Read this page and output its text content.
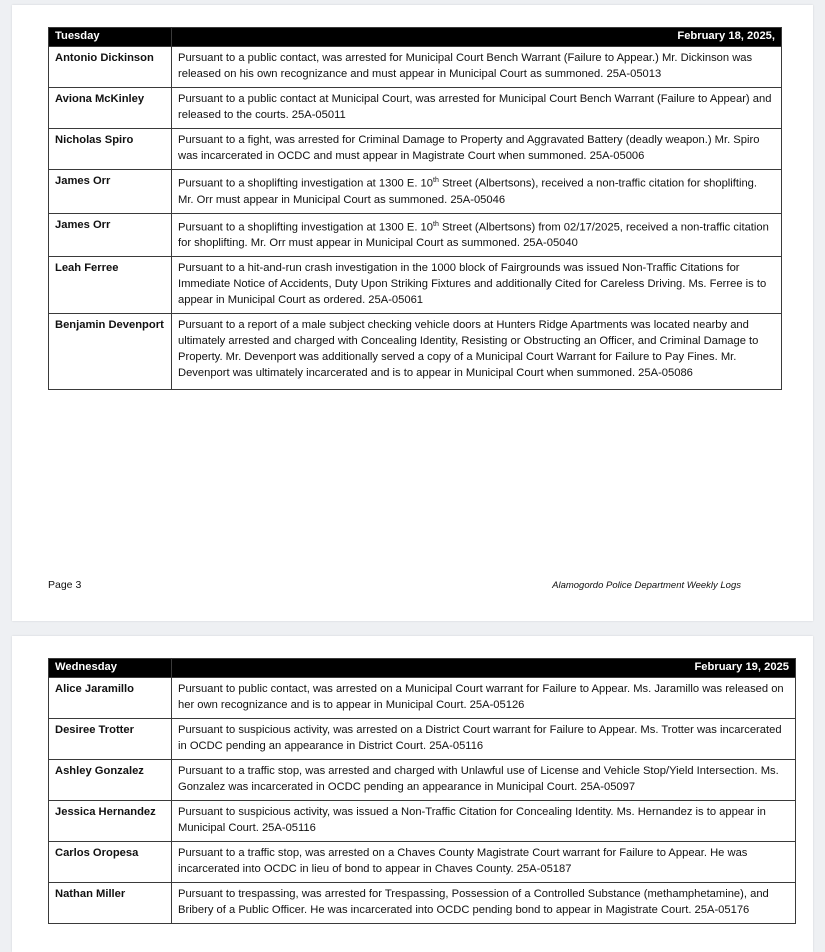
Tuesday	February 18, 2025,
Antonio Dickinson	Pursuant to a public contact, was arrested for Municipal Court Bench Warrant (Failure to Appear.) Mr. Dickinson was released on his own recognizance and must appear in Municipal Court as summoned. 25A-05013
Aviona McKinley	Pursuant to a public contact at Municipal Court, was arrested for Municipal Court Bench Warrant (Failure to Appear) and released to the courts. 25A-05011
Nicholas Spiro	Pursuant to a fight, was arrested for Criminal Damage to Property and Aggravated Battery (deadly weapon.) Mr. Spiro was incarcerated in OCDC and must appear in Magistrate Court when summoned. 25A-05006
James Orr	Pursuant to a shoplifting investigation at 1300 E. 10th Street (Albertsons), received a non-traffic citation for shoplifting. Mr. Orr must appear in Municipal Court as summoned. 25A-05046
James Orr	Pursuant to a shoplifting investigation at 1300 E. 10th Street (Albertsons) from 02/17/2025, received a non-traffic citation for shoplifting. Mr. Orr must appear in Municipal Court as summoned. 25A-05040
Leah Ferree	Pursuant to a hit-and-run crash investigation in the 1000 block of Fairgrounds was issued Non-Traffic Citations for Immediate Notice of Accidents, Duty Upon Striking Fixtures and additionally Cited for Careless Driving. Ms. Ferree is to appear in Municipal Court as ordered. 25A-05061
Benjamin Devenport	Pursuant to a report of a male subject checking vehicle doors at Hunters Ridge Apartments was located nearby and ultimately arrested and charged with Concealing Identity, Resisting or Obstructing an Officer, and Criminal Damage to Property. Mr. Devenport was additionally served a copy of a Municipal Court Warrant for Failure to Pay Fines. Mr. Devenport was ultimately incarcerated and is to appear in Municipal Court when summoned. 25A-05086
Page 3	Alamogordo Police Department Weekly Logs
Wednesday	February 19, 2025
Alice Jaramillo	Pursuant to public contact, was arrested on a Municipal Court warrant for Failure to Appear. Ms. Jaramillo was released on her own recognizance and is to appear in Municipal Court. 25A-05126
Desiree Trotter	Pursuant to suspicious activity, was arrested on a District Court warrant for Failure to Appear. Ms. Trotter was incarcerated in OCDC pending an appearance in District Court. 25A-05116
Ashley Gonzalez	Pursuant to a traffic stop, was arrested and charged with Unlawful use of License and Vehicle Stop/Yield Intersection. Ms. Gonzalez was incarcerated in OCDC pending an appearance in Municipal Court. 25A-05097
Jessica Hernandez	Pursuant to suspicious activity, was issued a Non-Traffic Citation for Concealing Identity. Ms. Hernandez is to appear in Municipal Court. 25A-05116
Carlos Oropesa	Pursuant to a traffic stop, was arrested on a Chaves County Magistrate Court warrant for Failure to Appear. He was incarcerated into OCDC in lieu of bond to appear in Chaves County. 25A-05187
Nathan Miller	Pursuant to trespassing, was arrested for Trespassing, Possession of a Controlled Substance (methamphetamine), and Bribery of a Public Officer. He was incarcerated into OCDC pending bond to appear in Magistrate Court. 25A-05176
